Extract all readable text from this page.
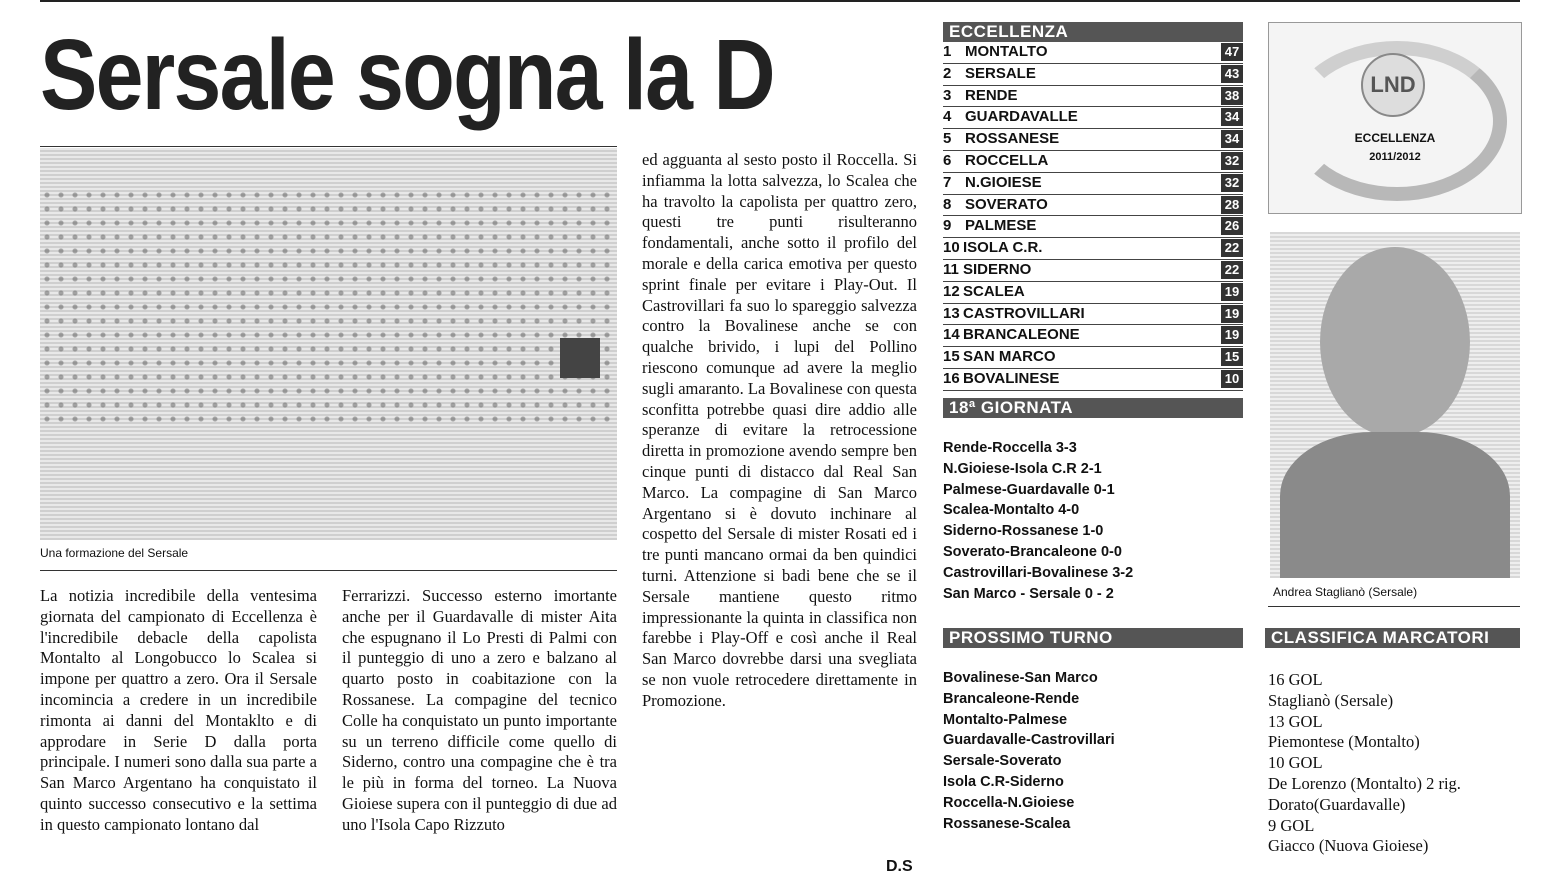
Sersale sogna la D
Una formazione del Sersale

La notizia incredibile della ventesima giornata del campionato di Eccellenza è l'incredibile debacle della capolista Montalto al Longobucco lo Scalea si impone per quattro a zero. Ora il Sersale incomincia a credere in un incredibile rimonta ai danni del Montaklto e di approdare in Serie D dalla porta principale. I numeri sono dalla sua parte a San Marco Argentano ha conquistato il quinto successo consecutivo e la settima in questo campionato lontano dal

Ferrarizzi. Successo esterno imortante anche per il Guardavalle di mister Aita che espugnano il Lo Presti di Palmi con il punteggio di uno a zero e balzano al quarto posto in coabitazione con la Rossanese. La compagine del tecnico Colle ha conquistato un punto importante su un terreno difficile come quello di Siderno, contro una compagine che è tra le più in forma del torneo. La Nuova Gioiese supera con il punteggio di due ad uno l'Isola Capo Rizzuto

ed agguanta al sesto posto il Roccella. Si infiamma la lotta salvezza, lo Scalea che ha travolto la capolista per quattro zero, questi tre punti risulteranno fondamentali, anche sotto il profilo del morale e della carica emotiva per questo sprint finale per evitare i Play-Out. Il Castrovillari fa suo lo spareggio salvezza contro la Bovalinese anche se con qualche brivido, i lupi del Pollino riescono comunque ad avere la meglio sugli amaranto. La Bovalinese con questa sconfitta potrebbe quasi dire addio alle speranze di evitare la retrocessione diretta in promozione avendo sempre ben cinque punti di distacco dal Real San Marco. La compagine di San Marco Argentano si è dovuto inchinare al cospetto del Sersale di mister Rosati ed i tre punti mancano ormai da ben quindici turni. Attenzione si badi bene che se il Sersale mantiene questo ritmo impressionante la quinta in classifica non farebbe i Play-Off e così anche il Real San Marco dovrebbe darsi una svegliata se non vuole retrocedere direttamente in Promozione.

D.S
ECCELLENZA
1 MONTALTO	47
2 SERSALE	43
3 RENDE	38
4 GUARDAVALLE	34
5 ROSSANESE	34
6 ROCCELLA	32
7 N.GIOIESE	32
8 SOVERATO	28
9 PALMESE	26
10 ISOLA C.R.	22
11 SIDERNO	22
12 SCALEA	19
13 CASTROVILLARI	19
14 BRANCALEONE	19
15 SAN MARCO	15
16 BOVALINESE	10
18ª GIORNATA
Rende-Roccella 3-3
N.Gioiese-Isola C.R 2-1
Palmese-Guardavalle 0-1
Scalea-Montalto 4-0
Siderno-Rossanese 1-0
Soverato-Brancaleone 0-0
Castrovillari-Bovalinese 3-2
San Marco - Sersale 0 - 2
PROSSIMO TURNO
Bovalinese-San Marco
Brancaleone-Rende
Montalto-Palmese
Guardavalle-Castrovillari
Sersale-Soverato
Isola C.R-Siderno
Roccella-N.Gioiese
Rossanese-Scalea
LND
ECCELLENZA
2011/2012
Andrea Staglianò (Sersale)
CLASSIFICA MARCATORI
16 GOL
Staglianò (Sersale)
13 GOL
Piemontese (Montalto)
10 GOL
De Lorenzo (Montalto) 2 rig.
Dorato(Guardavalle)
9 GOL
Giacco (Nuova Gioiese)
